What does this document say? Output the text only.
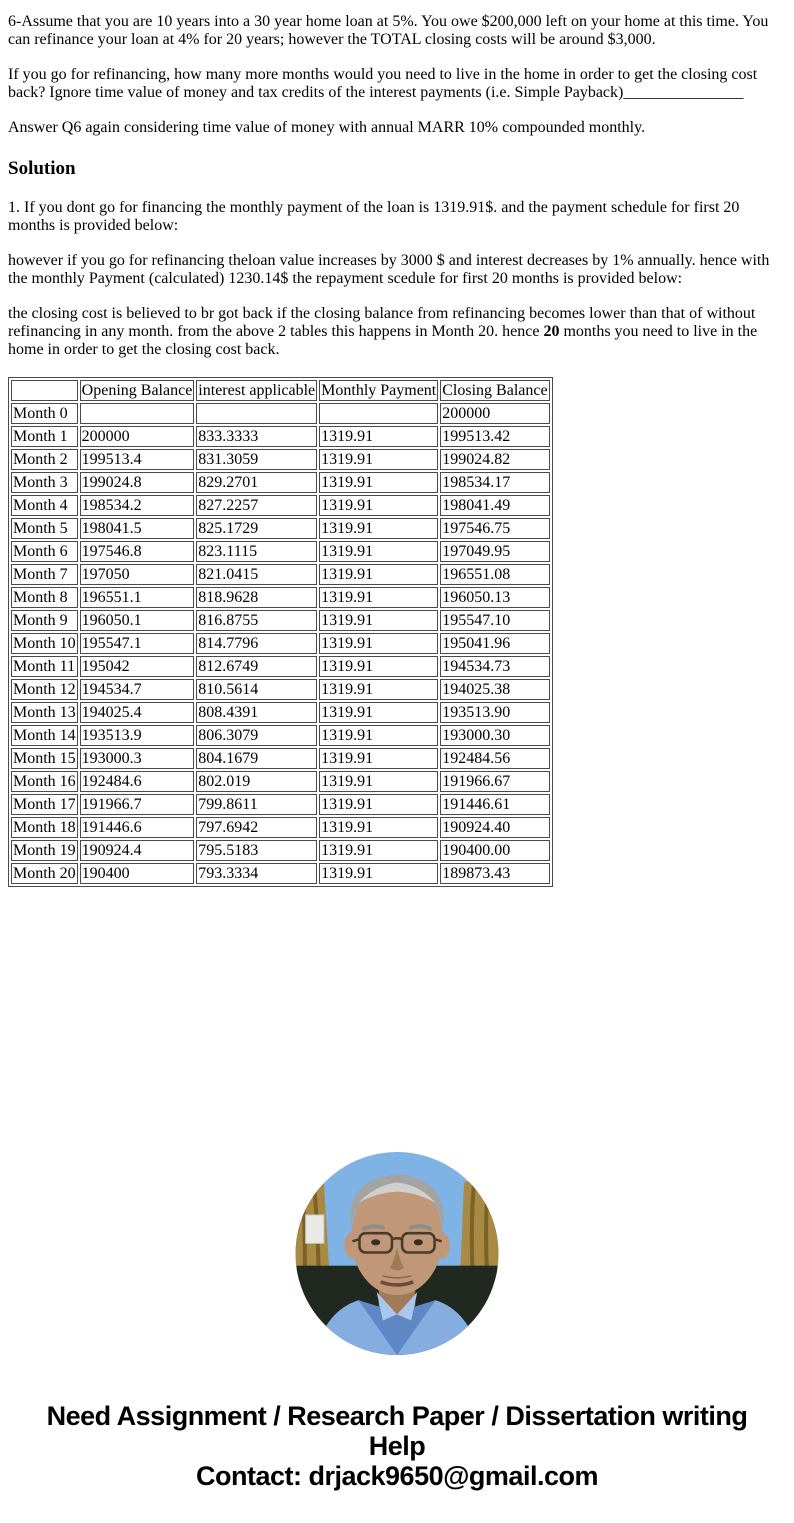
6-Assume that you are 10 years into a 30 year home loan at 5%. You owe $200,000 left on your home at this time. You can refinance your loan at 4% for 20 years; however the TOTAL closing costs will be around $3,000.

If you go for refinancing, how many more months would you need to live in the home in order to get the closing cost back? Ignore time value of money and tax credits of the interest payments (i.e. Simple Payback)_______________

Answer Q6 again considering time value of money with annual MARR 10% compounded monthly.

Solution

1. If you dont go for financing the monthly payment of the loan is 1319.91$. and the payment schedule for first 20 months is provided below:

however if you go for refinancing theloan value increases by 3000 $ and interest decreases by 1% annually. hence with the monthly Payment (calculated) 1230.14$ the repayment scedule for first 20 months is provided below:

the closing cost is believed to br got back if the closing balance from refinancing becomes lower than that of without refinancing in any month. from the above 2 tables this happens in Month 20. hence 20 months you need to live in the home in order to get the closing cost back.

	Opening Balance	interest applicable	Monthly Payment	Closing Balance
Month 0				200000
Month 1	200000	833.3333	1319.91	199513.42
Month 2	199513.4	831.3059	1319.91	199024.82
Month 3	199024.8	829.2701	1319.91	198534.17
Month 4	198534.2	827.2257	1319.91	198041.49
Month 5	198041.5	825.1729	1319.91	197546.75
Month 6	197546.8	823.1115	1319.91	197049.95
Month 7	197050	821.0415	1319.91	196551.08
Month 8	196551.1	818.9628	1319.91	196050.13
Month 9	196050.1	816.8755	1319.91	195547.10
Month 10	195547.1	814.7796	1319.91	195041.96
Month 11	195042	812.6749	1319.91	194534.73
Month 12	194534.7	810.5614	1319.91	194025.38
Month 13	194025.4	808.4391	1319.91	193513.90
Month 14	193513.9	806.3079	1319.91	193000.30
Month 15	193000.3	804.1679	1319.91	192484.56
Month 16	192484.6	802.019	1319.91	191966.67
Month 17	191966.7	799.8611	1319.91	191446.61
Month 18	191446.6	797.6942	1319.91	190924.40
Month 19	190924.4	795.5183	1319.91	190400.00
Month 20	190400	793.3334	1319.91	189873.43
Need Assignment / Research Paper / Dissertation writing Help
Contact: drjack9650@gmail.com
